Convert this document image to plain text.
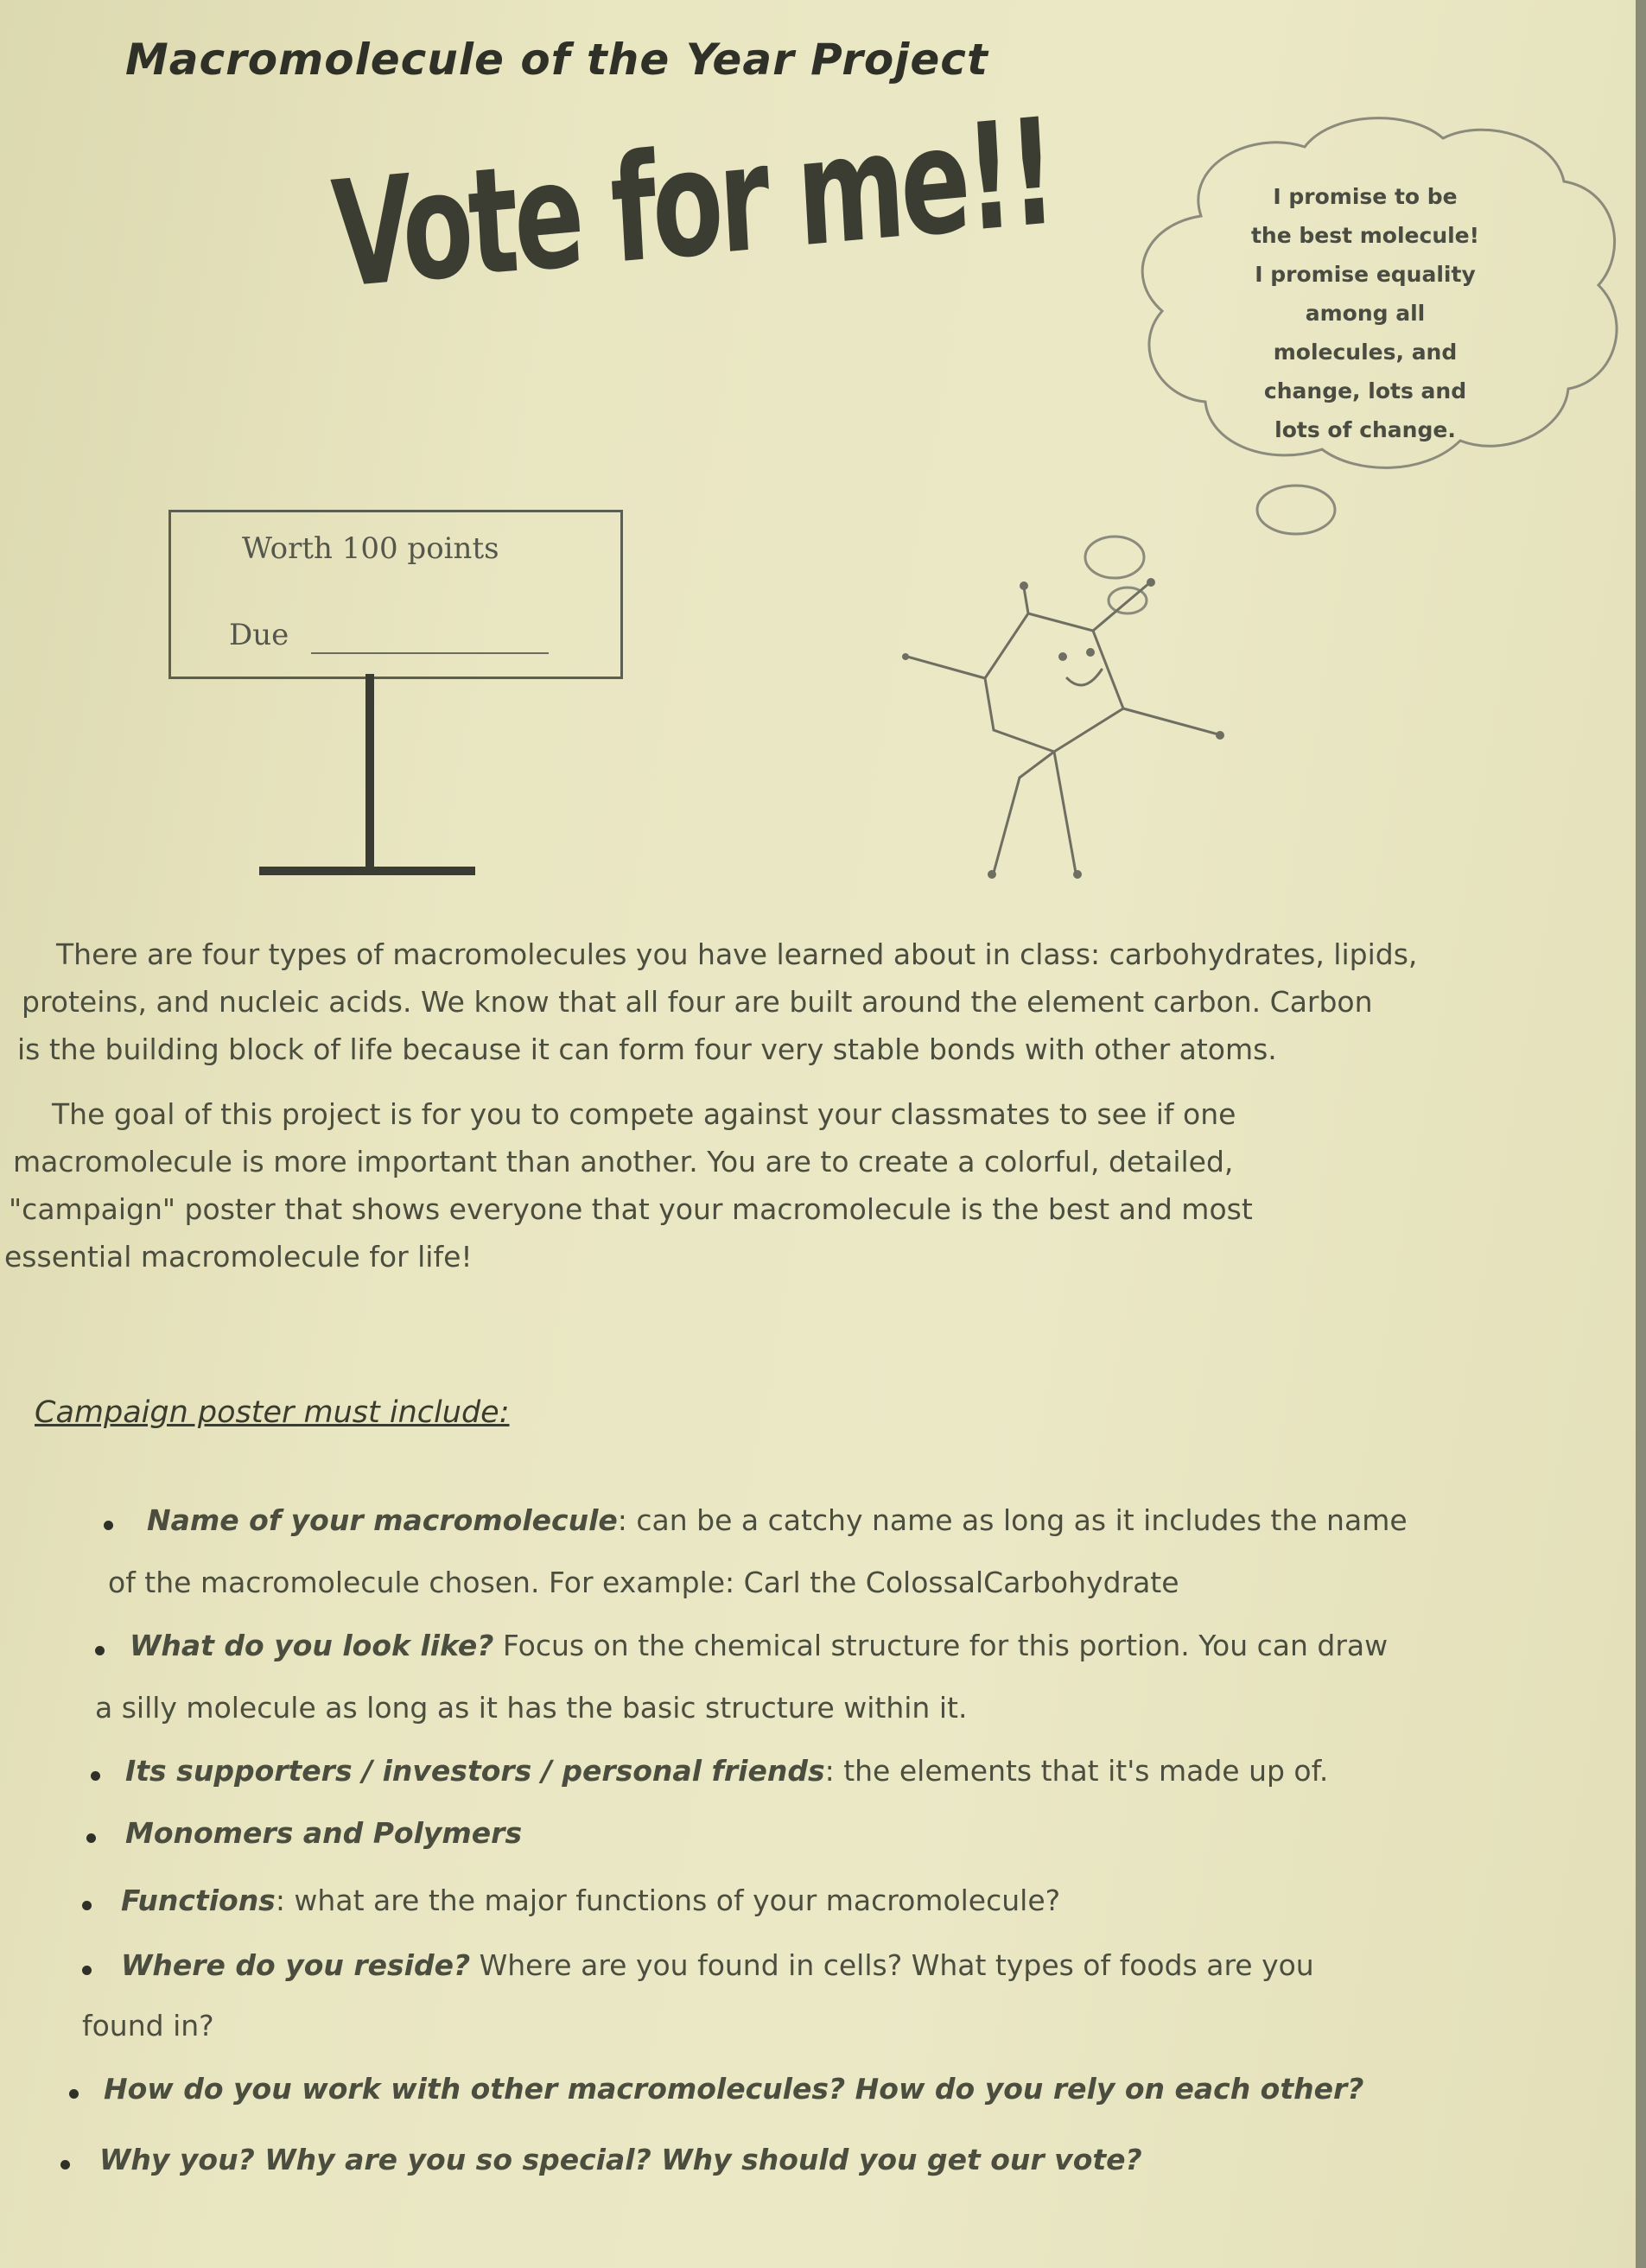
Macromolecule of the Year Project
Vote for me!!
Worth 100 points
Due
I promise to be
the best molecule!
I promise equality
among all
molecules, and
change, lots and
lots of change.
There are four types of macromolecules you have learned about in class: carbohydrates, lipids,
proteins, and nucleic acids. We know that all four are built around the element carbon. Carbon
is the building block of life because it can form four very stable bonds with other atoms.
The goal of this project is for you to compete against your classmates to see if one
macromolecule is more important than another. You are to create a colorful, detailed,
"campaign" poster that shows everyone that your macromolecule is the best and most
essential macromolecule for life!
Campaign poster must include:
Name of your macromolecule: can be a catchy name as long as it includes the name
of the macromolecule chosen. For example: Carl the ColossalCarbohydrate
What do you look like? Focus on the chemical structure for this portion. You can draw
a silly molecule as long as it has the basic structure within it.
Its supporters / investors / personal friends: the elements that it's made up of.
Monomers and Polymers
Functions: what are the major functions of your macromolecule?
Where do you reside? Where are you found in cells? What types of foods are you
found in?
How do you work with other macromolecules? How do you rely on each other?
Why you? Why are you so special? Why should you get our vote?
